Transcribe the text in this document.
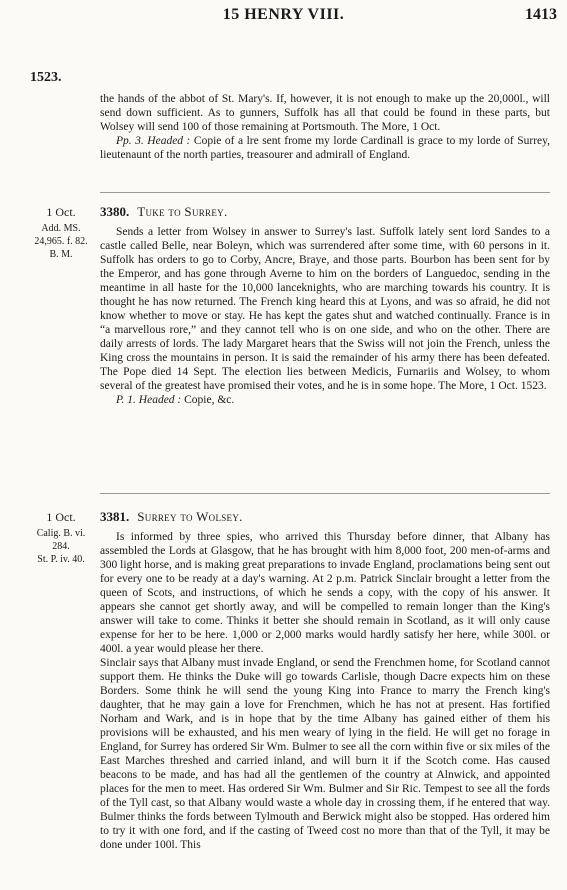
15 HENRY VIII.	1413
1523.

the hands of the abbot of St. Mary's. If, however, it is not enough to make up the 20,000l., will send down sufficient. As to gunners, Suffolk has all that could be found in these parts, but Wolsey will send 100 of those remaining at Portsmouth. The More, 1 Oct.

Pp. 3. Headed : Copie of a lre sent frome my lorde Cardinall is grace to my lorde of Surrey, lieutenaunt of the north parties, treasourer and admirall of England.

1 Oct.
Add. MS.
24,965. f. 82.
B. M.
3380. Tuke to Surrey.

Sends a letter from Wolsey in answer to Surrey's last. Suffolk lately sent lord Sandes to a castle called Belle, near Boleyn, which was surrendered after some time, with 60 persons in it. Suffolk has orders to go to Corby, Ancre, Braye, and those parts. Bourbon has been sent for by the Emperor, and has gone through Averne to him on the borders of Languedoc, sending in the meantime in all haste for the 10,000 lanceknights, who are marching towards his country. It is thought he has now returned. The French king heard this at Lyons, and was so afraid, he did not know whether to move or stay. He has kept the gates shut and watched continually. France is in “a marvellous rore,” and they cannot tell who is on one side, and who on the other. There are daily arrests of lords. The lady Margaret hears that the Swiss will not join the French, unless the King cross the mountains in person. It is said the remainder of his army there has been defeated. The Pope died 14 Sept. The election lies between Medicis, Furnariis and Wolsey, to whom several of the greatest have promised their votes, and he is in some hope. The More, 1 Oct. 1523.

P. 1. Headed : Copie, &c.

1 Oct.
Calig. B. vi.
284.
St. P. iv. 40.
3381. Surrey to Wolsey.

Is informed by three spies, who arrived this Thursday before dinner, that Albany has assembled the Lords at Glasgow, that he has brought with him 8,000 foot, 200 men-of-arms and 300 light horse, and is making great preparations to invade England, proclamations being sent out for every one to be ready at a day's warning. At 2 p.m. Patrick Sinclair brought a letter from the queen of Scots, and instructions, of which he sends a copy, with the copy of his answer. It appears she cannot get shortly away, and will be compelled to remain longer than the King's answer will take to come. Thinks it better she should remain in Scotland, as it will only cause expense for her to be here. 1,000 or 2,000 marks would hardly satisfy her here, while 300l. or 400l. a year would please her there.

Sinclair says that Albany must invade England, or send the Frenchmen home, for Scotland cannot support them. He thinks the Duke will go towards Carlisle, though Dacre expects him on these Borders. Some think he will send the young King into France to marry the French king's daughter, that he may gain a love for Frenchmen, which he has not at present. Has fortified Norham and Wark, and is in hope that by the time Albany has gained either of them his provisions will be exhausted, and his men weary of lying in the field. He will get no forage in England, for Surrey has ordered Sir Wm. Bulmer to see all the corn within five or six miles of the East Marches threshed and carried inland, and will burn it if the Scotch come. Has caused beacons to be made, and has had all the gentlemen of the country at Alnwick, and appointed places for the men to meet. Has ordered Sir Wm. Bulmer and Sir Ric. Tempest to see all the fords of the Tyll cast, so that Albany would waste a whole day in crossing them, if he entered that way. Bulmer thinks the fords between Tylmouth and Berwick might also be stopped. Has ordered him to try it with one ford, and if the casting of Tweed cost no more than that of the Tyll, it may be done under 100l. This
